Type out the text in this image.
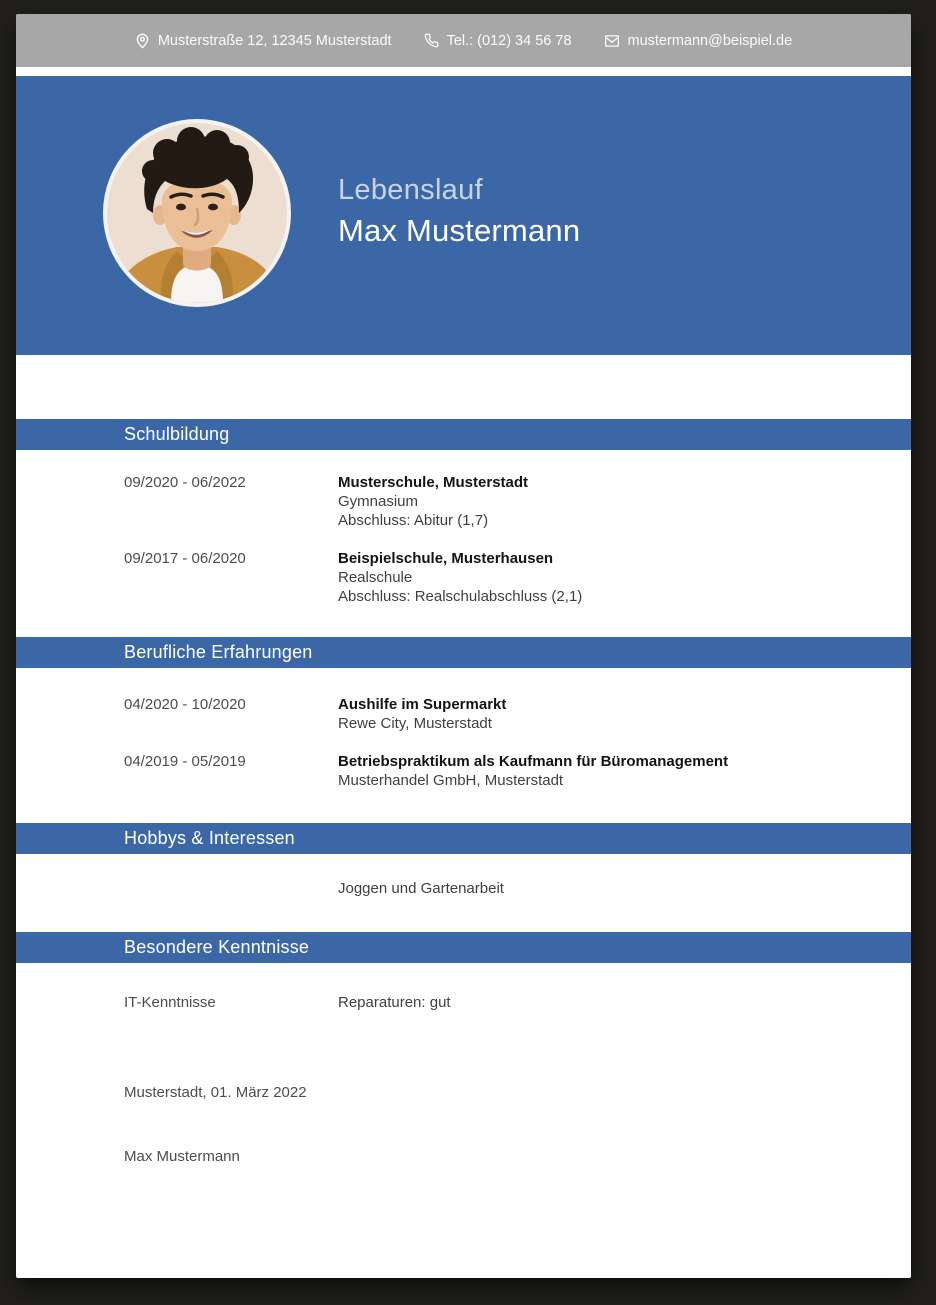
Musterstraße 12, 12345 Musterstadt	Tel.: (012) 34 56 78	mustermann@beispiel.de
Lebenslauf
Max Mustermann
Schulbildung
09/2020 - 06/2022	Musterschule, Musterstadt
Gymnasium
Abschluss: Abitur (1,7)
09/2017 - 06/2020	Beispielschule, Musterhausen
Realschule
Abschluss: Realschulabschluss (2,1)
Berufliche Erfahrungen
04/2020 - 10/2020	Aushilfe im Supermarkt
Rewe City, Musterstadt
04/2019 - 05/2019	Betriebspraktikum als Kaufmann für Büromanagement
Musterhandel GmbH, Musterstadt
Hobbys & Interessen
Joggen und Gartenarbeit
Besondere Kenntnisse
IT-Kenntnisse	Reparaturen: gut
Musterstadt, 01. März 2022
Max Mustermann
